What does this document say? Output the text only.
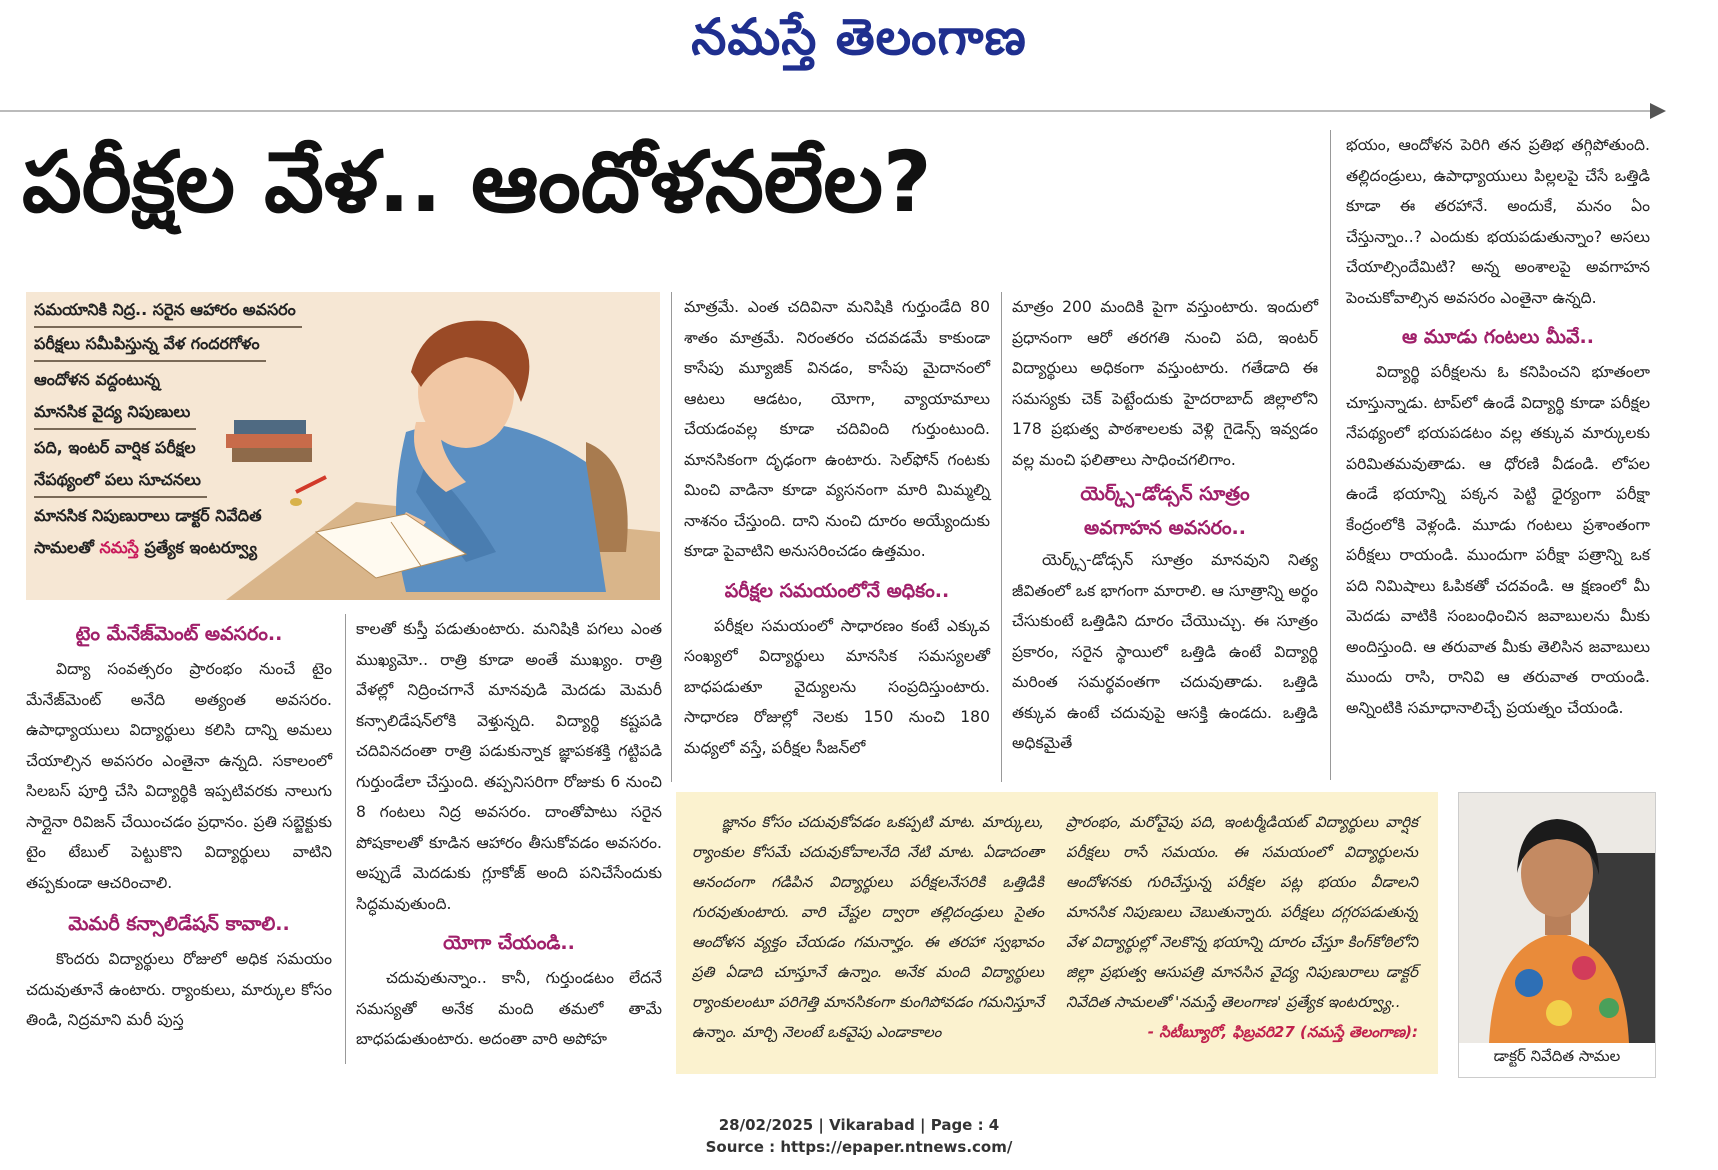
నమస్తే తెలంగాణ
పరీక్షల వేళ.. ఆందోళనలేల?
సమయానికి నిద్ర.. సరైన ఆహారం అవసరం
పరీక్షలు సమీపిస్తున్న వేళ గందరగోళం
ఆందోళన వద్దంటున్న
మానసిక వైద్య నిపుణులు
పది, ఇంటర్ వార్షిక పరీక్షల
నేపథ్యంలో పలు సూచనలు
మానసిక నిపుణురాలు డాక్టర్ నివేదిత
సామలతో నమస్తే ప్రత్యేక ఇంటర్వ్యూ
టైం మేనేజ్‌మెంట్ అవసరం..

విద్యా సంవత్సరం ప్రారంభం నుంచే టైం మేనేజ్‌మెంట్ అనేది అత్యంత అవసరం. ఉపాధ్యాయులు విద్యార్థులు కలిసి దాన్ని అమలు చేయాల్సిన అవసరం ఎంతైనా ఉన్నది. సకాలంలో సిలబస్ పూర్తి చేసి విద్యార్థికి ఇప్పటివరకు నాలుగు సార్లైనా రివిజన్ చేయించడం ప్రధానం. ప్రతి సబ్జెక్టుకు టైం టేబుల్ పెట్టుకొని విద్యార్థులు వాటిని తప్పకుండా ఆచరించాలి.

మెమరీ కన్సాలిడేషన్ కావాలి..

కొందరు విద్యార్థులు రోజులో అధిక సమయం చదువుతూనే ఉంటారు. ర్యాంకులు, మార్కుల కోసం తిండి, నిద్రమాని మరీ పుస్త

కాలతో కుస్తీ పడుతుంటారు. మనిషికి పగలు ఎంత ముఖ్యమో.. రాత్రి కూడా అంతే ముఖ్యం. రాత్రి వేళల్లో నిద్రించగానే మానవుడి మెదడు మెమరీ కన్సాలిడేషన్‌లోకి వెళ్తున్నది. విద్యార్థి కష్టపడి చదివినదంతా రాత్రి పడుకున్నాక జ్ఞాపకశక్తి గట్టిపడి గుర్తుండేలా చేస్తుంది. తప్పనిసరిగా రోజుకు 6 నుంచి 8 గంటలు నిద్ర అవసరం. దాంతోపాటు సరైన పోషకాలతో కూడిన ఆహారం తీసుకోవడం అవసరం. అప్పుడే మెదడుకు గ్లూకోజ్ అంది పనిచేసేందుకు సిద్ధమవుతుంది.

యోగా చేయండి..

చదువుతున్నాం.. కానీ, గుర్తుండటం లేదనే సమస్యతో అనేక మంది తమలో తామే బాధపడుతుంటారు. అదంతా వారి అపోహ

మాత్రమే. ఎంత చదివినా మనిషికి గుర్తుండేది 80 శాతం మాత్రమే. నిరంతరం చదవడమే కాకుండా కాసేపు మ్యూజిక్ వినడం, కాసేపు మైదానంలో ఆటలు ఆడటం, యోగా, వ్యాయామాలు చేయడంవల్ల కూడా చదివింది గుర్తుంటుంది. మానసికంగా దృఢంగా ఉంటారు. సెల్‌ఫోన్ గంటకు మించి వాడినా కూడా వ్యసనంగా మారి మిమ్మల్ని నాశనం చేస్తుంది. దాని నుంచి దూరం అయ్యేందుకు కూడా పైవాటిని అనుసరించడం ఉత్తమం.

పరీక్షల సమయంలోనే అధికం..

పరీక్షల సమయంలో సాధారణం కంటే ఎక్కువ సంఖ్యలో విద్యార్థులు మానసిక సమస్యలతో బాధపడుతూ వైద్యులను సంప్రదిస్తుంటారు. సాధారణ రోజుల్లో నెలకు 150 నుంచి 180 మధ్యలో వస్తే, పరీక్షల సీజన్‌లో

మాత్రం 200 మందికి పైగా వస్తుంటారు. ఇందులో ప్రధానంగా ఆరో తరగతి నుంచి పది, ఇంటర్ విద్యార్థులు అధికంగా వస్తుంటారు. గతేడాది ఈ సమస్యకు చెక్ పెట్టేందుకు హైదరాబాద్ జిల్లాలోని 178 ప్రభుత్వ పాఠశాలలకు వెళ్లి గైడెన్స్ ఇవ్వడం వల్ల మంచి ఫలితాలు సాధించగలిగాం.

యెర్క్స్-డోడ్సన్ సూత్రం
అవగాహన అవసరం..

యెర్క్స్-డోడ్సన్ సూత్రం మానవుని నిత్య జీవితంలో ఒక భాగంగా మారాలి. ఆ సూత్రాన్ని అర్థం చేసుకుంటే ఒత్తిడిని దూరం చేయొచ్చు. ఈ సూత్రం ప్రకారం, సరైన స్థాయిలో ఒత్తిడి ఉంటే విద్యార్థి మరింత సమర్థవంతగా చదువుతాడు. ఒత్తిడి తక్కువ ఉంటే చదువుపై ఆసక్తి ఉండదు. ఒత్తిడి అధికమైతే

భయం, ఆందోళన పెరిగి తన ప్రతిభ తగ్గిపోతుంది. తల్లిదండ్రులు, ఉపాధ్యాయులు పిల్లలపై చేసే ఒత్తిడి కూడా ఈ తరహానే. అందుకే, మనం ఏం చేస్తున్నాం..? ఎందుకు భయపడుతున్నాం? అసలు చేయాల్సిందేమిటి? అన్న అంశాలపై అవగాహన పెంచుకోవాల్సిన అవసరం ఎంతైనా ఉన్నది.

ఆ మూడు గంటలు మీవే..

విద్యార్థి పరీక్షలను ఓ కనిపించని భూతంలా చూస్తున్నాడు. టాప్‌లో ఉండే విద్యార్థి కూడా పరీక్షల నేపథ్యంలో భయపడటం వల్ల తక్కువ మార్కులకు పరిమితమవుతాడు. ఆ ధోరణి వీడండి. లోపల ఉండే భయాన్ని పక్కన పెట్టి ధైర్యంగా పరీక్షా కేంద్రంలోకి వెళ్లండి. మూడు గంటలు ప్రశాంతంగా పరీక్షలు రాయండి. ముందుగా పరీక్షా పత్రాన్ని ఒక పది నిమిషాలు ఓపికతో చదవండి. ఆ క్షణంలో మీ మెదడు వాటికి సంబంధించిన జవాబులను మీకు అందిస్తుంది. ఆ తరువాత మీకు తెలిసిన జవాబులు ముందు రాసి, రానివి ఆ తరువాత రాయండి. అన్నింటికి సమాధానాలిచ్చే ప్రయత్నం చేయండి.

జ్ఞానం కోసం చదువుకోవడం ఒకప్పటి మాట. మార్కులు, ర్యాంకుల కోసమే చదువుకోవాలనేది నేటి మాట. ఏడాదంతా ఆనందంగా గడిపిన విద్యార్థులు పరీక్షలనేసరికి ఒత్తిడికి గురవుతుంటారు. వారి చేష్టల ద్వారా తల్లిదండ్రులు సైతం ఆందోళన వ్యక్తం చేయడం గమనార్హం. ఈ తరహా స్వభావం ప్రతి ఏడాది చూస్తూనే ఉన్నాం. అనేక మంది విద్యార్థులు ర్యాంకులంటూ పరిగెత్తి మానసికంగా కుంగిపోవడం గమనిస్తూనే ఉన్నాం. మార్చి నెలంటే ఒకవైపు ఎండాకాలం

ప్రారంభం, మరోవైపు పది, ఇంటర్మీడియట్ విద్యార్థులు వార్షిక పరీక్షలు రాసే సమయం. ఈ సమయంలో విద్యార్థులను ఆందోళనకు గురిచేస్తున్న పరీక్షల పట్ల భయం వీడాలని మానసిక నిపుణులు చెబుతున్నారు. పరీక్షలు దగ్గరపడుతున్న వేళ విద్యార్థుల్లో నెలకొన్న భయాన్ని దూరం చేస్తూ కింగ్‌కోఠిలోని జిల్లా ప్రభుత్వ ఆసుపత్రి మానసిన వైద్య నిపుణురాలు డాక్టర్ నివేదిత సామలతో 'నమస్తే తెలంగాణ' ప్రత్యేక ఇంటర్వ్యూ..

- సిటీబ్యూరో, ఫిబ్రవరి27 (నమస్తే తెలంగాణ):

డాక్టర్ నివేదిత సామల
28/02/2025 | Vikarabad | Page : 4
Source : https://epaper.ntnews.com/
